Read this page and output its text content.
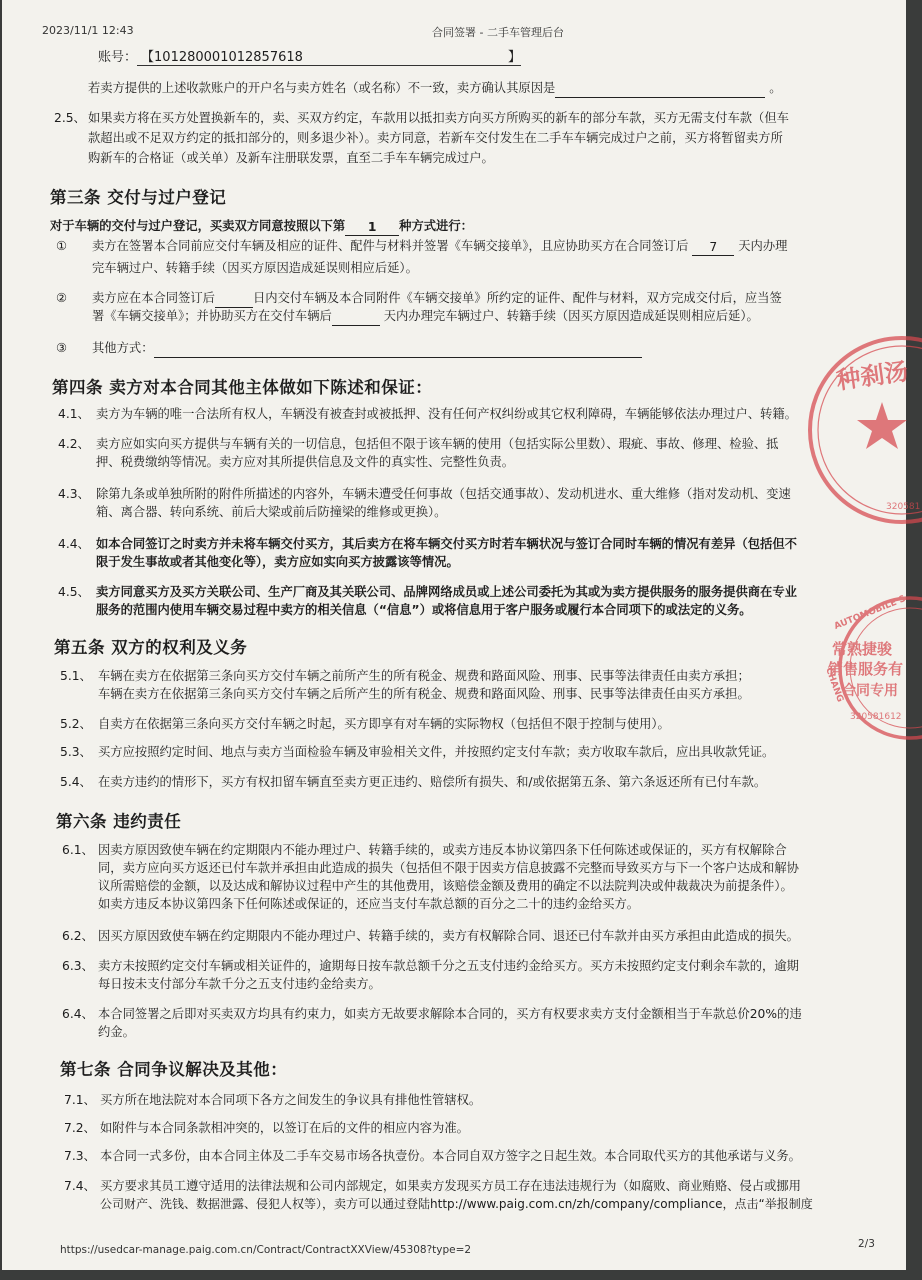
2023/11/1 12:43	合同签署 - 二手车管理后台
账号： 【101280001012857618	】
若卖方提供的上述收款账户的开户名与卖方姓名（或名称）不一致，卖方确认其原因是	。
2.5、 如果卖方将在买方处置换新车的，卖、买双方约定，车款用以抵扣卖方向买方所购买的新车的部分车款，买方无需支付车款（但车
款超出或不足双方约定的抵扣部分的，则多退少补）。卖方同意，若新车交付发生在二手车车辆完成过户之前，买方将暂留卖方所
购新车的合格证（或关单）及新车注册联发票，直至二手车车辆完成过户。
第三条 交付与过户登记
对于车辆的交付与过户登记，买卖双方同意按照以下第 1 种方式进行：
① 卖方在签署本合同前应交付车辆及相应的证件、配件与材料并签署《车辆交接单》，且应协助买方在合同签订后 7 天内办理
完车辆过户、转籍手续（因买方原因造成延误则相应后延）。
② 卖方应在本合同签订后	日内交付车辆及本合同附件《车辆交接单》所约定的证件、配件与材料，双方完成交付后，应当签
署《车辆交接单》；并协助买方在交付车辆后	天内办理完车辆过户、转籍手续（因买方原因造成延误则相应后延）。
③ 其他方式：
第四条 卖方对本合同其他主体做如下陈述和保证：
4.1、 卖方为车辆的唯一合法所有权人，车辆没有被查封或被抵押、没有任何产权纠纷或其它权利障碍，车辆能够依法办理过户、转籍。
4.2、 卖方应如实向买方提供与车辆有关的一切信息，包括但不限于该车辆的使用（包括实际公里数）、瑕疵、事故、修理、检验、抵
押、税费缴纳等情况。卖方应对其所提供信息及文件的真实性、完整性负责。
4.3、 除第九条或单独所附的附件所描述的内容外，车辆未遭受任何事故（包括交通事故）、发动机进水、重大维修（指对发动机、变速
箱、离合器、转向系统、前后大梁或前后防撞梁的维修或更换）。
4.4、 如本合同签订之时卖方并未将车辆交付买方，其后卖方在将车辆交付买方时若车辆状况与签订合同时车辆的情况有差异（包括但不
限于发生事故或者其他变化等），卖方应如实向买方披露该等情况。
4.5、 卖方同意买方及买方关联公司、生产厂商及其关联公司、品牌网络成员或上述公司委托为其或为卖方提供服务的服务提供商在专业
服务的范围内使用车辆交易过程中卖方的相关信息（“信息”）或将信息用于客户服务或履行本合同项下的或法定的义务。
第五条 双方的权利及义务
5.1、 车辆在卖方在依据第三条向买方交付车辆之前所产生的所有税金、规费和路面风险、刑事、民事等法律责任由卖方承担；
车辆在卖方在依据第三条向买方交付车辆之后所产生的所有税金、规费和路面风险、刑事、民事等法律责任由买方承担。
5.2、 自卖方在依据第三条向买方交付车辆之时起，买方即享有对车辆的实际物权（包括但不限于控制与使用）。
5.3、 买方应按照约定时间、地点与卖方当面检验车辆及审验相关文件，并按照约定支付车款；卖方收取车款后，应出具收款凭证。
5.4、 在卖方违约的情形下，买方有权扣留车辆直至卖方更正违约、赔偿所有损失、和/或依据第五条、第六条返还所有已付车款。
第六条 违约责任
6.1、 因卖方原因致使车辆在约定期限内不能办理过户、转籍手续的，或卖方违反本协议第四条下任何陈述或保证的，买方有权解除合
同，卖方应向买方返还已付车款并承担由此造成的损失（包括但不限于因卖方信息披露不完整而导致买方与下一个客户达成和解协
议所需赔偿的金额，以及达成和解协议过程中产生的其他费用，该赔偿金额及费用的确定不以法院判决或仲裁裁决为前提条件）。
如卖方违反本协议第四条下任何陈述或保证的，还应当支付车款总额的百分之二十的违约金给买方。
6.2、 因买方原因致使车辆在约定期限内不能办理过户、转籍手续的，卖方有权解除合同、退还已付车款并由买方承担由此造成的损失。
6.3、 卖方未按照约定交付车辆或相关证件的，逾期每日按车款总额千分之五支付违约金给买方。买方未按照约定支付剩余车款的，逾期
每日按未支付部分车款千分之五支付违约金给卖方。
6.4、 本合同签署之后即对买卖双方均具有约束力，如卖方无故要求解除本合同的，买方有权要求卖方支付金额相当于车款总价20%的违
约金。
第七条 合同争议解决及其他：
7.1、 买方所在地法院对本合同项下各方之间发生的争议具有排他性管辖权。
7.2、 如附件与本合同条款相冲突的，以签订在后的文件的相应内容为准。
7.3、 本合同一式多份，由本合同主体及二手车交易市场各执壹份。本合同自双方签字之日起生效。本合同取代买方的其他承诺与义务。
7.4、 买方要求其员工遵守适用的法律法规和公司内部规定，如果卖方发现买方员工存在违法违规行为（如腐败、商业贿赂、侵占或挪用
公司财产、洗钱、数据泄露、侵犯人权等），卖方可以通过登陆http://www.paig.com.cn/zh/company/compliance，点击“举报制度
https://usedcar-manage.paig.com.cn/Contract/ContractXXView/45308?type=2	2/3
种刹汤
320581
AUTOMOBILE S
CHANG
常熟捷骏
销售服务有
合同专用
320581612
